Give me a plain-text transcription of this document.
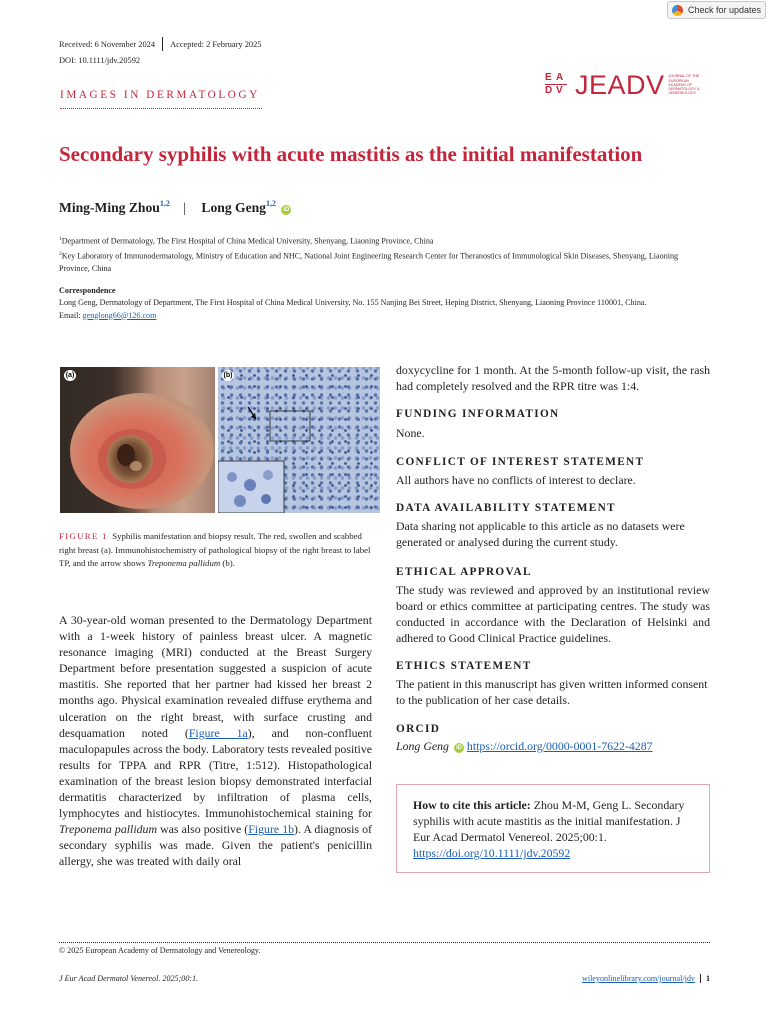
Check for updates
Received: 6 November 2024 Accepted: 2 February 2025
DOI: 10.1111/jdv.20592
E A
D V JEADV JOURNAL OF THE EUROPEAN ACADEMY OF DERMATOLOGY & VENEREOLOGY
IMAGES IN DERMATOLOGY
Secondary syphilis with acute mastitis as the initial manifestation
Ming-Ming Zhou$^{1,2}$ | Long Geng$^{1,2}$ iD
$^1$Department of Dermatology, The First Hospital of China Medical University, Shenyang, Liaoning Province, China
$^2$Key Laboratory of Immunodermatology, Ministry of Education and NHC, National Joint Engineering Research Center for Theranostics of Immunological Skin Diseases, Shenyang, Liaoning Province, China
Correspondence
Long Geng, Dermatology of Department, The First Hospital of China Medical University, No. 155 Nanjing Bei Street, Heping District, Shenyang, Liaoning Province 110001, China.
Email: genglong66@126.com
(a)	(b)
FIGURE 1 Syphilis manifestation and biopsy result. The red, swollen and scabbed right breast (a). Immunohistochemistry of pathological biopsy of the right breast to label TP, and the arrow shows Treponema pallidum (b).
A 30-year-old woman presented to the Dermatology Department with a 1-week history of painless breast ulcer. A magnetic resonance imaging (MRI) conducted at the Breast Surgery Department before presentation suggested a suspicion of acute mastitis. She reported that her partner had kissed her breast 2 months ago. Physical examination revealed diffuse erythema and ulceration on the right breast, with surface crusting and desquamation noted (Figure 1a), and non-confluent maculopapules across the body. Laboratory tests revealed positive results for TPPA and RPR (Titre, 1:512). Histopathological examination of the breast lesion biopsy demonstrated interfacial dermatitis characterized by infiltration of plasma cells, lymphocytes and histiocytes. Immunohistochemical staining for Treponema pallidum was also positive (Figure 1b). A diagnosis of secondary syphilis was made. Given the patient's penicillin allergy, she was treated with daily oral
doxycycline for 1 month. At the 5-month follow-up visit, the rash had completely resolved and the RPR titre was 1:4.
FUNDING INFORMATION
None.
CONFLICT OF INTEREST STATEMENT
All authors have no conflicts of interest to declare.
DATA AVAILABILITY STATEMENT
Data sharing not applicable to this article as no datasets were generated or analysed during the current study.
ETHICAL APPROVAL
The study was reviewed and approved by an institutional review board or ethics committee at participating centres. The study was conducted in accordance with the Declaration of Helsinki and adhered to Good Clinical Practice guidelines.
ETHICS STATEMENT
The patient in this manuscript has given written informed consent to the publication of her case details.
ORCID
Long Geng iD https://orcid.org/0000-0001-7622-4287
How to cite this article: Zhou M-M, Geng L. Secondary syphilis with acute mastitis as the initial manifestation. J Eur Acad Dermatol Venereol. 2025;00:1. https://doi.org/10.1111/jdv.20592
© 2025 European Academy of Dermatology and Venereology.
J Eur Acad Dermatol Venereol. 2025;00:1.	wileyonlinelibrary.com/journal/jdv 1
